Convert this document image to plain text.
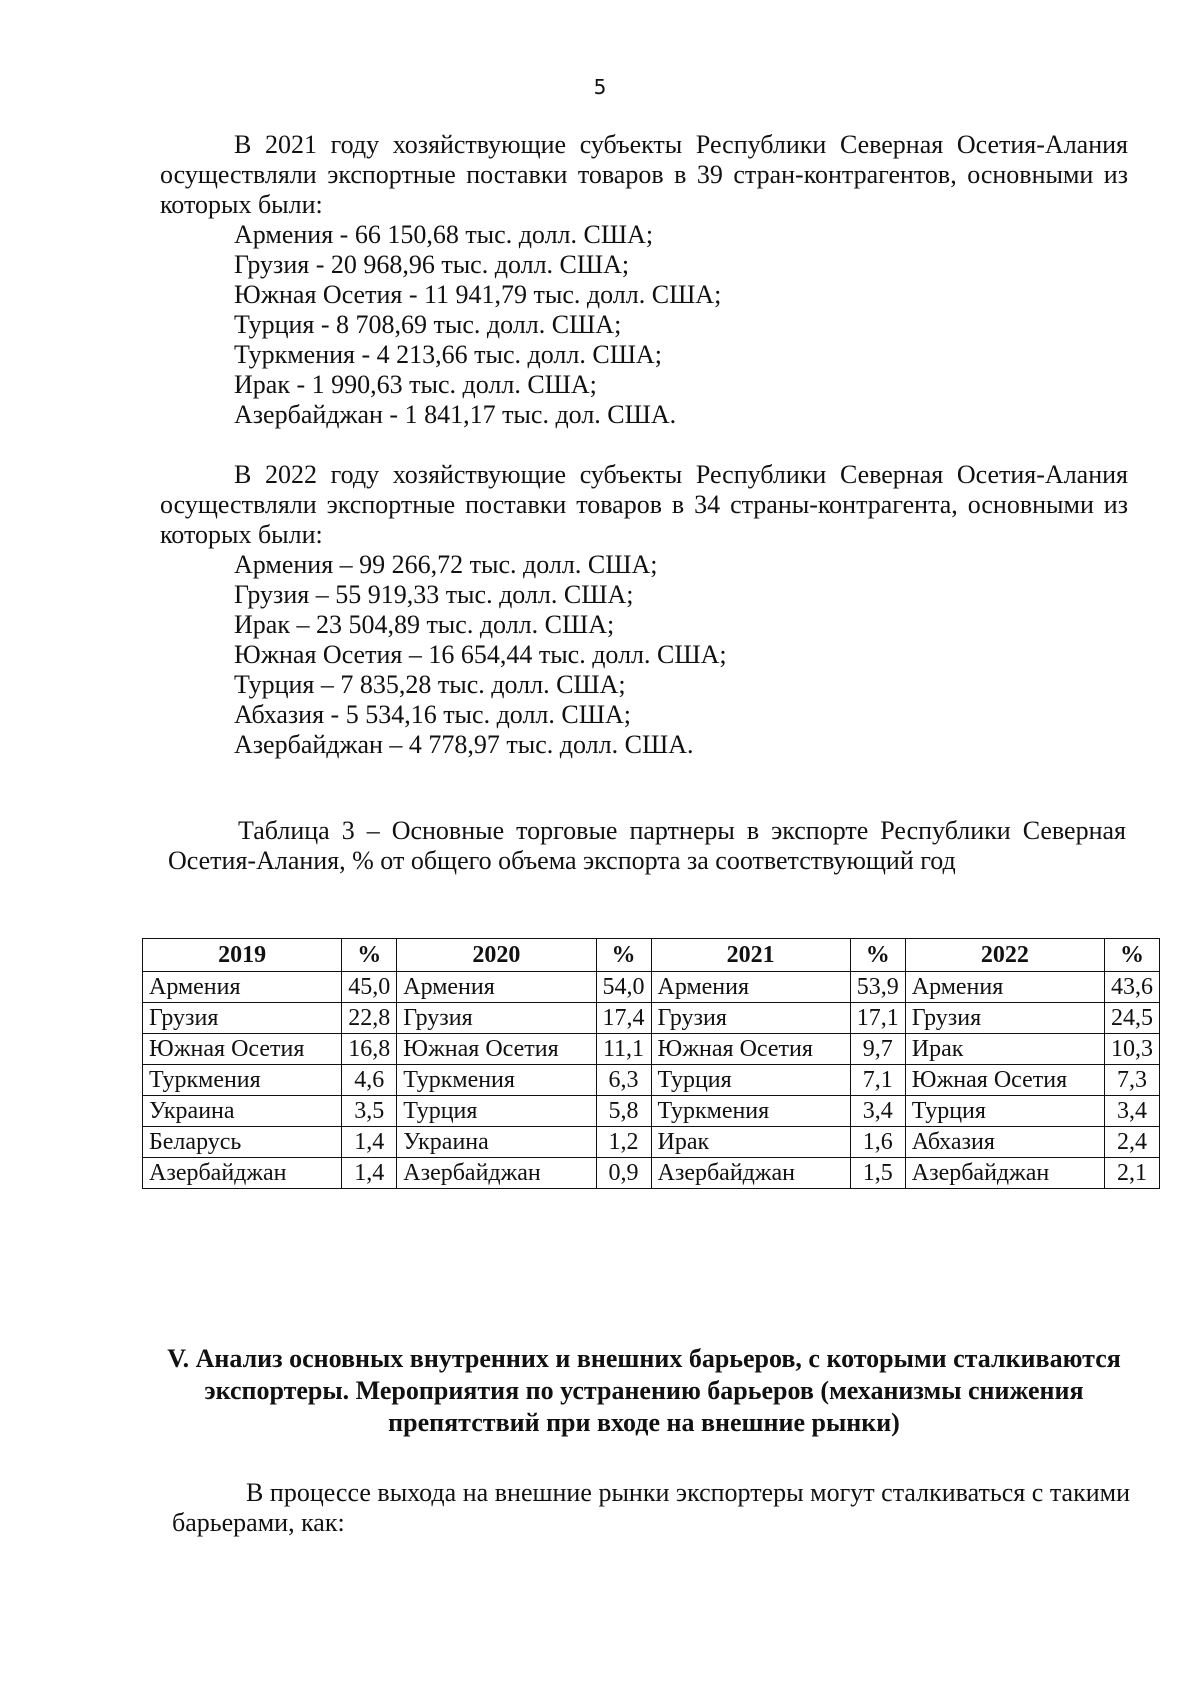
5

В 2021 году хозяйствующие субъекты Республики Северная Осетия-Алания осуществляли экспортные поставки товаров в 39 стран-контрагентов, основными из которых были:

Армения - 66 150,68 тыс. долл. США;
Грузия - 20 968,96 тыс. долл. США;
Южная Осетия - 11 941,79 тыс. долл. США;
Турция - 8 708,69 тыс. долл. США;
Туркмения - 4 213,66 тыс. долл. США;
Ирак - 1 990,63 тыс. долл. США;
Азербайджан - 1 841,17 тыс. дол. США.

В 2022 году хозяйствующие субъекты Республики Северная Осетия-Алания осуществляли экспортные поставки товаров в 34 страны-контрагента, основными из которых были:

Армения – 99 266,72 тыс. долл. США;
Грузия – 55 919,33 тыс. долл. США;
Ирак – 23 504,89 тыс. долл. США;
Южная Осетия – 16 654,44 тыс. долл. США;
Турция – 7 835,28 тыс. долл. США;
Абхазия - 5 534,16 тыс. долл. США;
Азербайджан – 4 778,97 тыс. долл. США.

Таблица 3 – Основные торговые партнеры в экспорте Республики Северная Осетия-Алания, % от общего объема экспорта за соответствующий год

2019	%	2020	%	2021	%	2022	%
Армения	45,0	Армения	54,0	Армения	53,9	Армения	43,6
Грузия	22,8	Грузия	17,4	Грузия	17,1	Грузия	24,5
Южная Осетия	16,8	Южная Осетия	11,1	Южная Осетия	9,7	Ирак	10,3
Туркмения	4,6	Туркмения	6,3	Турция	7,1	Южная Осетия	7,3
Украина	3,5	Турция	5,8	Туркмения	3,4	Турция	3,4
Беларусь	1,4	Украина	1,2	Ирак	1,6	Абхазия	2,4
Азербайджан	1,4	Азербайджан	0,9	Азербайджан	1,5	Азербайджан	2,1

V. Анализ основных внутренних и внешних барьеров, с которыми сталкиваются экспортеры. Мероприятия по устранению барьеров (механизмы снижения препятствий при входе на внешние рынки)

В процессе выхода на внешние рынки экспортеры могут сталкиваться с такими барьерами, как:
